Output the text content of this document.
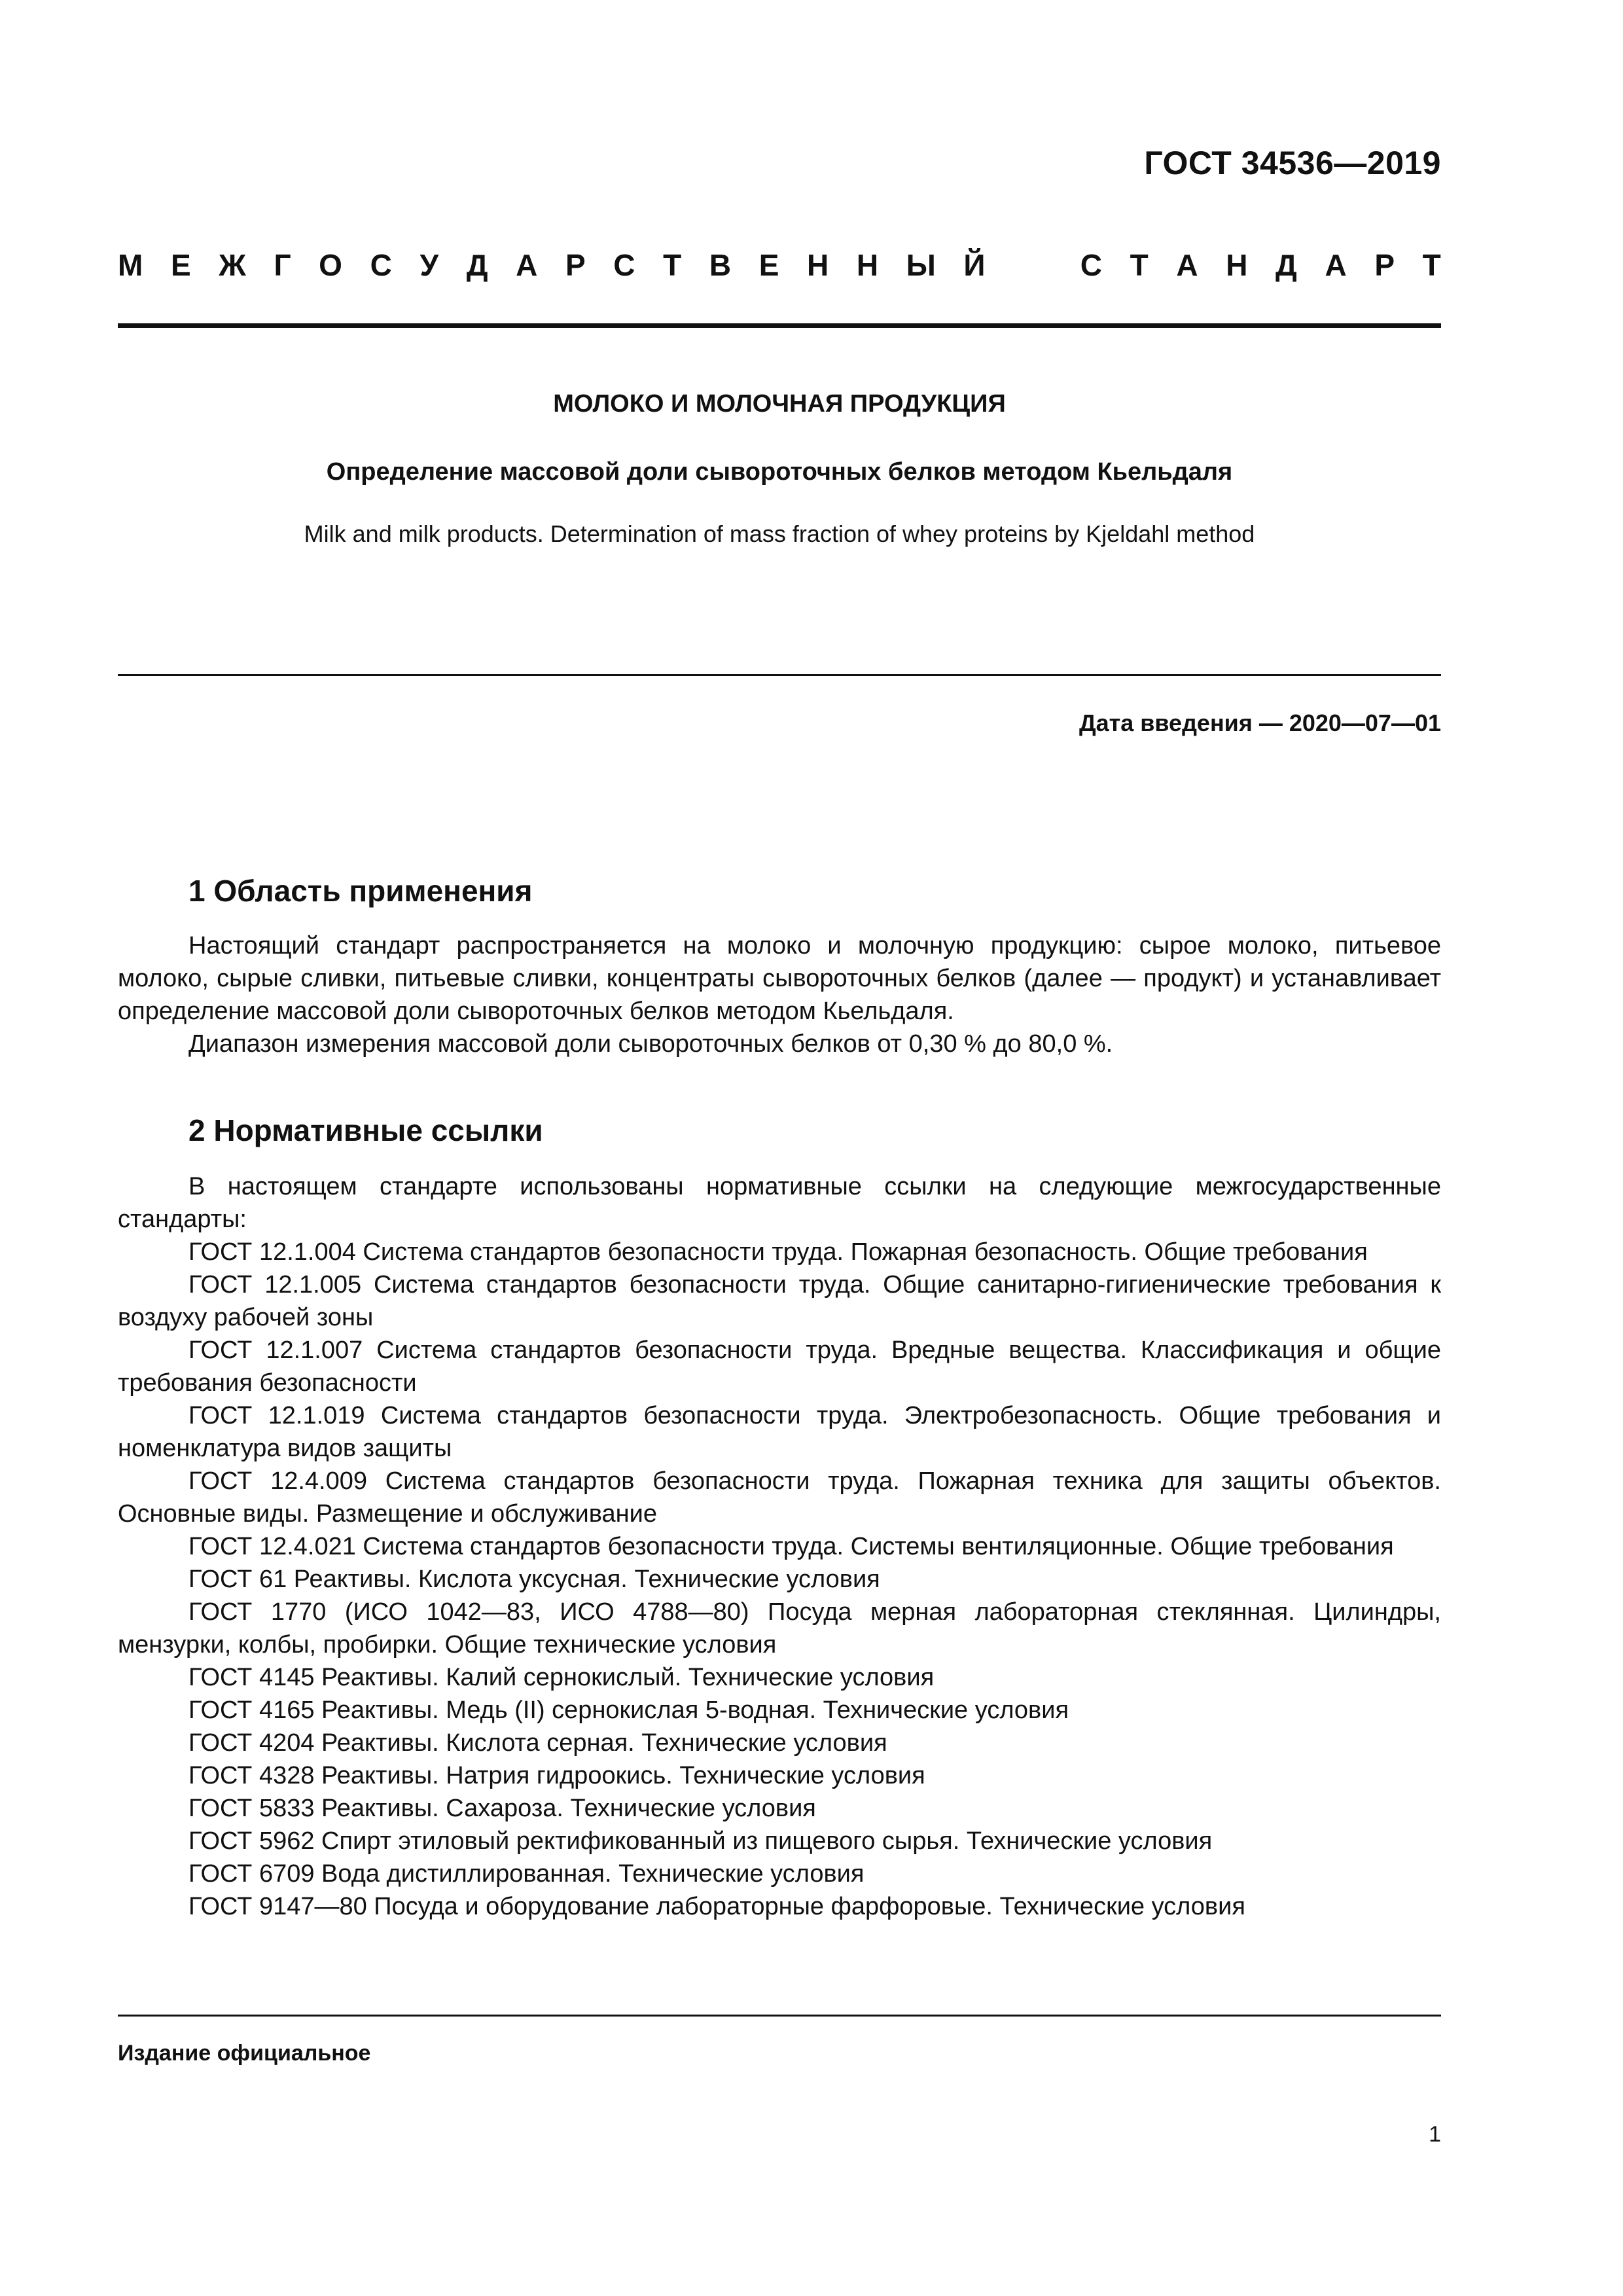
ГОСТ 34536—2019
М Е Ж Г О С У Д А Р С Т В Е Н Н Ы Й	С Т А Н Д А Р Т
МОЛОКО И МОЛОЧНАЯ ПРОДУКЦИЯ
Определение массовой доли сывороточных белков методом Кьельдаля
Milk and milk products. Determination of mass fraction of whey proteins by Kjeldahl method
Дата введения — 2020—07—01
1 Область применения
Настоящий стандарт распространяется на молоко и молочную продукцию: сырое молоко, питьевое молоко, сырые сливки, питьевые сливки, концентраты сывороточных белков (далее — продукт) и устанавливает определение массовой доли сывороточных белков методом Кьельдаля.
Диапазон измерения массовой доли сывороточных белков от 0,30 % до 80,0 %.
2 Нормативные ссылки
В настоящем стандарте использованы нормативные ссылки на следующие межгосударственные стандарты:
ГОСТ 12.1.004 Система стандартов безопасности труда. Пожарная безопасность. Общие требования
ГОСТ 12.1.005 Система стандартов безопасности труда. Общие санитарно-гигиенические требования к воздуху рабочей зоны
ГОСТ 12.1.007 Система стандартов безопасности труда. Вредные вещества. Классификация и общие требования безопасности
ГОСТ 12.1.019 Система стандартов безопасности труда. Электробезопасность. Общие требования и номенклатура видов защиты
ГОСТ 12.4.009 Система стандартов безопасности труда. Пожарная техника для защиты объектов. Основные виды. Размещение и обслуживание
ГОСТ 12.4.021 Система стандартов безопасности труда. Системы вентиляционные. Общие требования
ГОСТ 61 Реактивы. Кислота уксусная. Технические условия
ГОСТ 1770 (ИСО 1042—83, ИСО 4788—80) Посуда мерная лабораторная стеклянная. Цилиндры, мензурки, колбы, пробирки. Общие технические условия
ГОСТ 4145 Реактивы. Калий сернокислый. Технические условия
ГОСТ 4165 Реактивы. Медь (II) сернокислая 5-водная. Технические условия
ГОСТ 4204 Реактивы. Кислота серная. Технические условия
ГОСТ 4328 Реактивы. Натрия гидроокись. Технические условия
ГОСТ 5833 Реактивы. Сахароза. Технические условия
ГОСТ 5962 Спирт этиловый ректификованный из пищевого сырья. Технические условия
ГОСТ 6709 Вода дистиллированная. Технические условия
ГОСТ 9147—80 Посуда и оборудование лабораторные фарфоровые. Технические условия
Издание официальное
1
